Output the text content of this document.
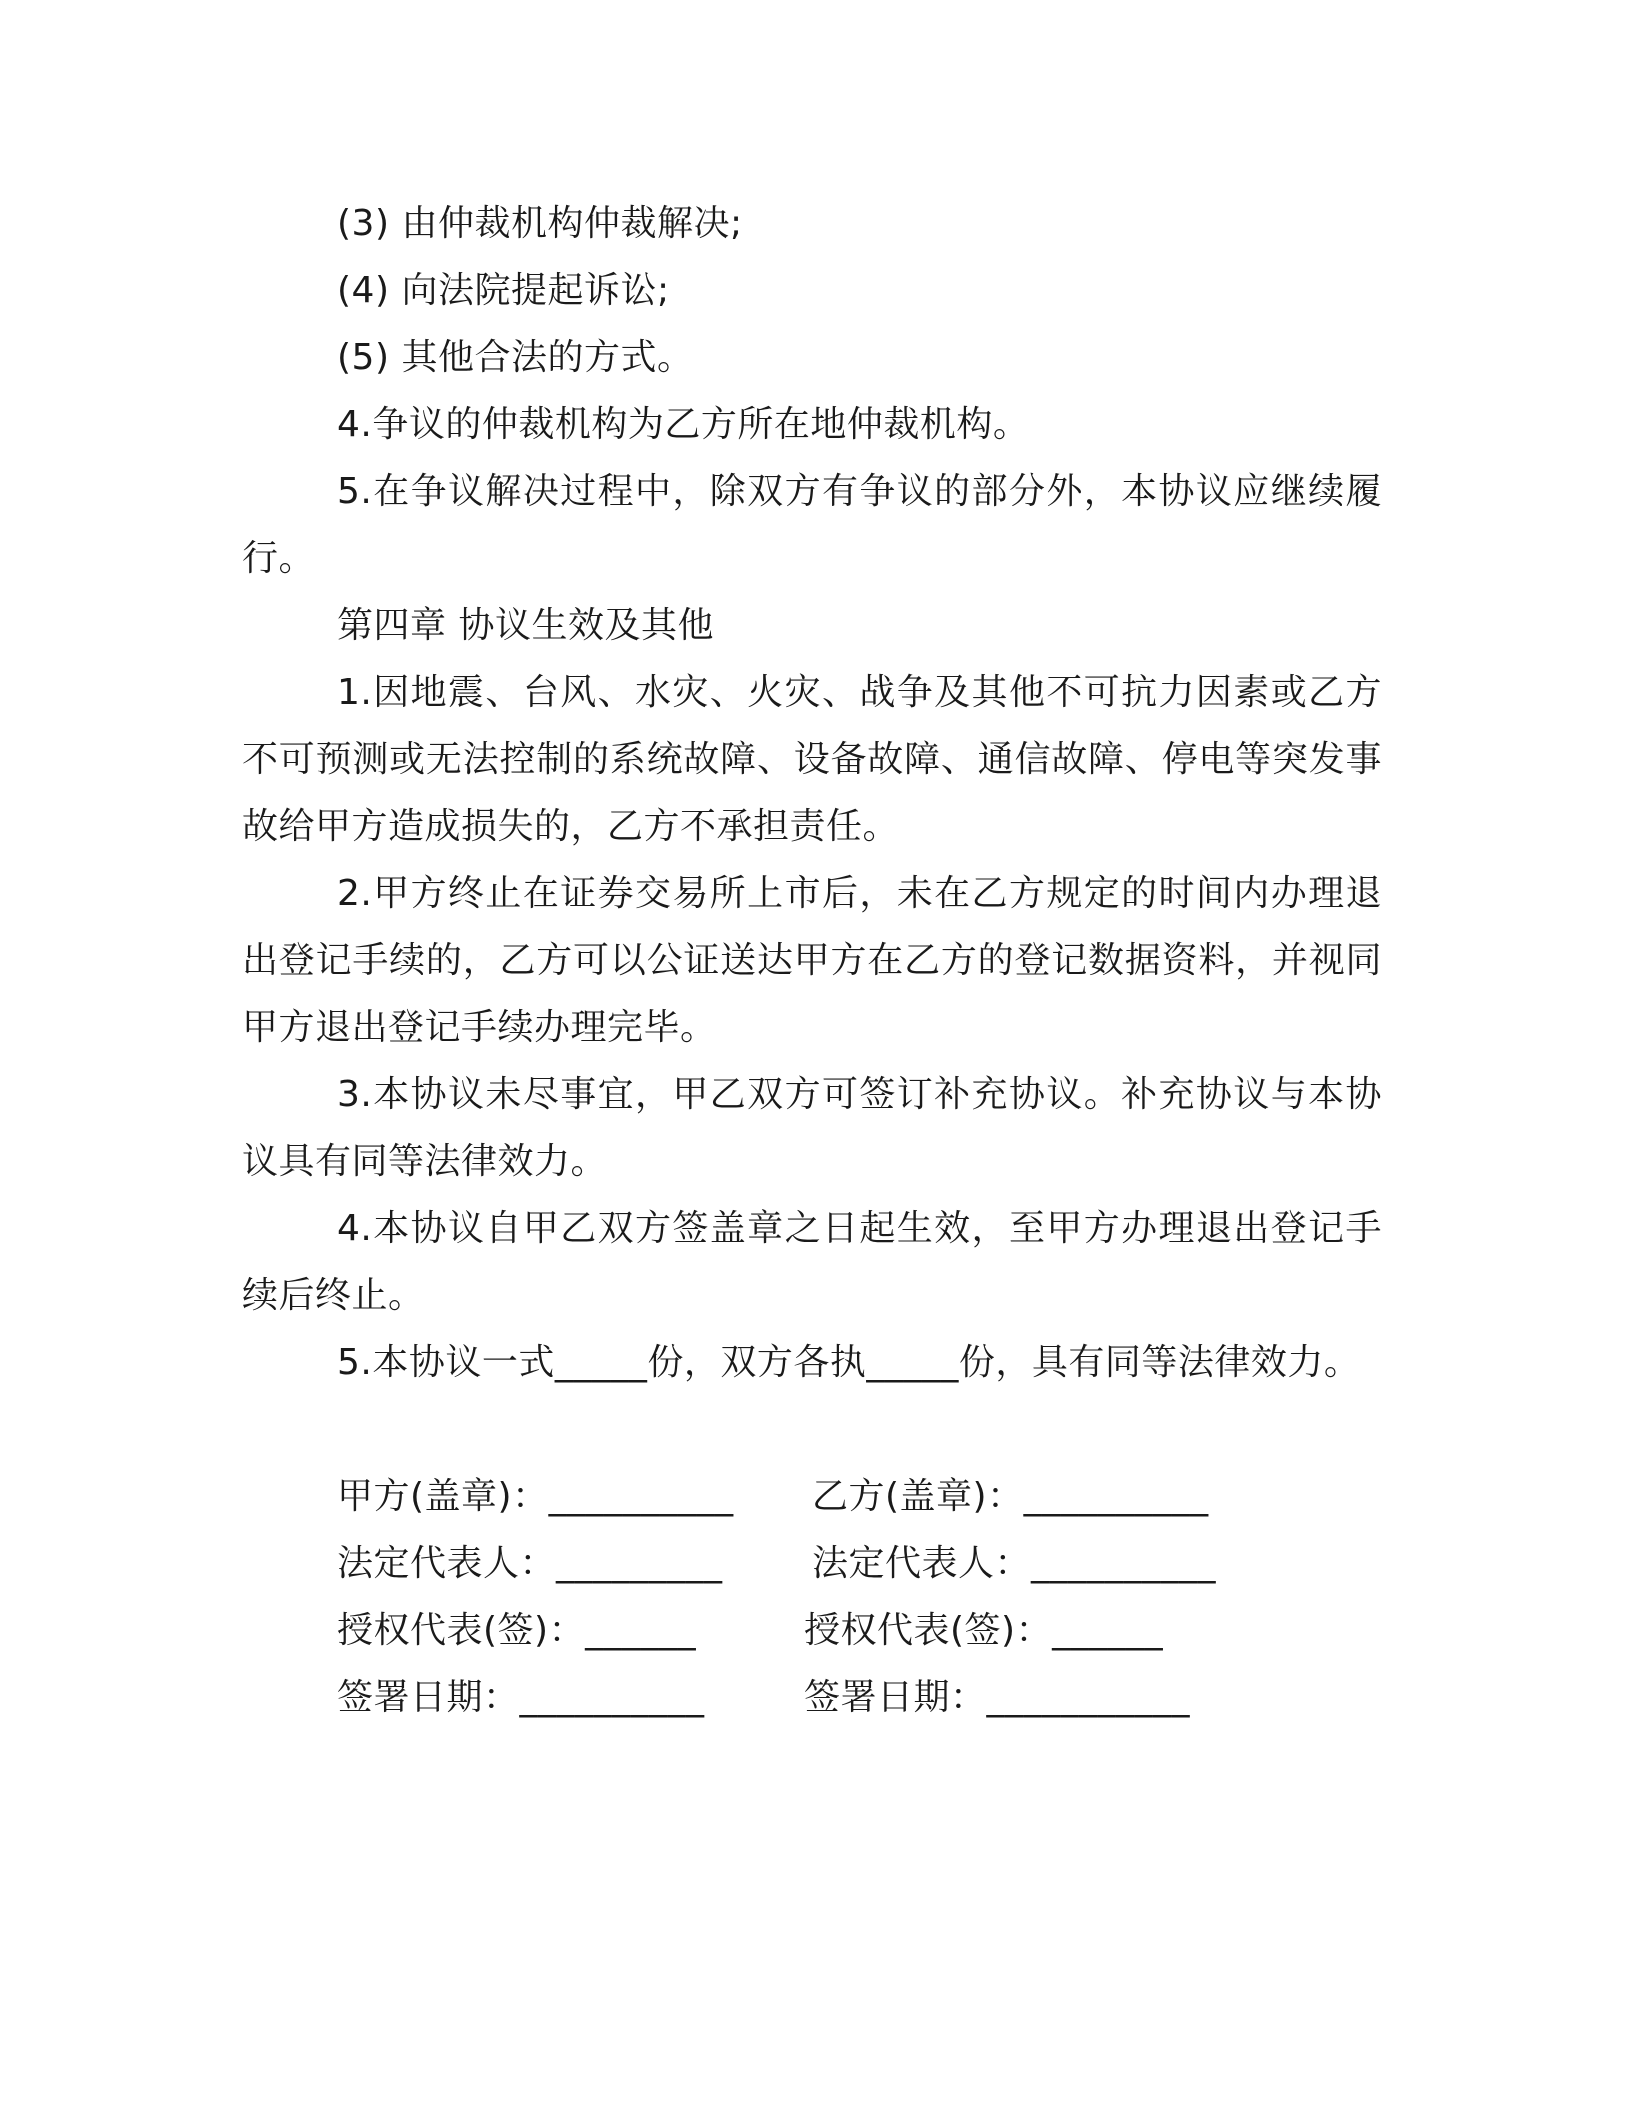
(3) 由仲裁机构仲裁解决;
(4) 向法院提起诉讼;
(5) 其他合法的方式。
4.争议的仲裁机构为乙方所在地仲裁机构。
5.在争议解决过程中，除双方有争议的部分外，本协议应继续履行。
第四章 协议生效及其他
1.因地震、台风、水灾、火灾、战争及其他不可抗力因素或乙方不可预测或无法控制的系统故障、设备故障、通信故障、停电等突发事故给甲方造成损失的，乙方不承担责任。
2.甲方终止在证券交易所上市后，未在乙方规定的时间内办理退出登记手续的，乙方可以公证送达甲方在乙方的登记数据资料，并视同甲方退出登记手续办理完毕。
3.本协议未尽事宜，甲乙双方可签订补充协议。补充协议与本协议具有同等法律效力。
4.本协议自甲乙双方签盖章之日起生效，至甲方办理退出登记手续后终止。
5.本协议一式_____份，双方各执_____份，具有同等法律效力。
甲方(盖章)：__________ 乙方(盖章)：__________
法定代表人：_________ 法定代表人：__________
授权代表(签)：______	授权代表(签)：______
签署日期：__________	签署日期：___________
